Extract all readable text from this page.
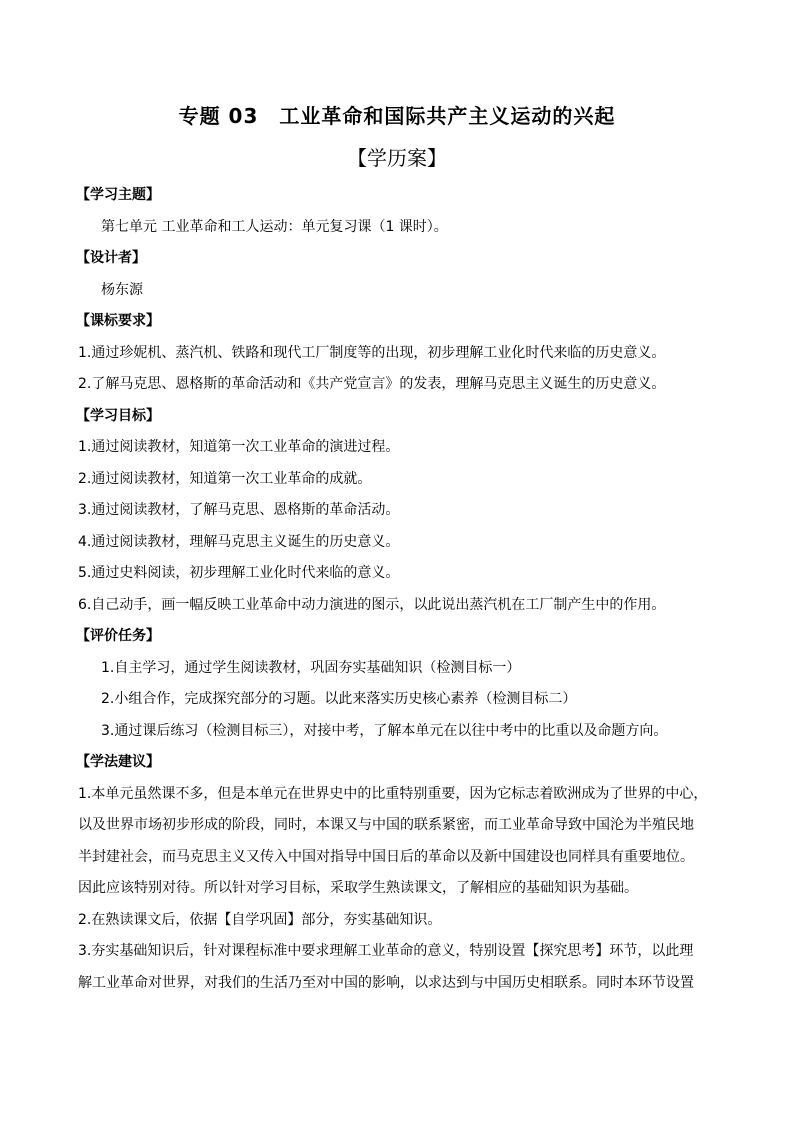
专题 03　工业革命和国际共产主义运动的兴起
【学历案】
【学习主题】
第七单元 工业革命和工人运动：单元复习课（1 课时）。
【设计者】
杨东源
【课标要求】
1.通过珍妮机、蒸汽机、铁路和现代工厂制度等的出现，初步理解工业化时代来临的历史意义。
2.了解马克思、恩格斯的革命活动和《共产党宣言》的发表，理解马克思主义诞生的历史意义。
【学习目标】
1.通过阅读教材，知道第一次工业革命的演进过程。
2.通过阅读教材，知道第一次工业革命的成就。
3.通过阅读教材，了解马克思、恩格斯的革命活动。
4.通过阅读教材，理解马克思主义诞生的历史意义。
5.通过史料阅读，初步理解工业化时代来临的意义。
6.自己动手，画一幅反映工业革命中动力演进的图示，以此说出蒸汽机在工厂制产生中的作用。
【评价任务】
1.自主学习，通过学生阅读教材，巩固夯实基础知识（检测目标一）
2.小组合作，完成探究部分的习题。以此来落实历史核心素养（检测目标二）
3.通过课后练习（检测目标三），对接中考，了解本单元在以往中考中的比重以及命题方向。
【学法建议】
1.本单元虽然课不多，但是本单元在世界史中的比重特别重要，因为它标志着欧洲成为了世界的中心，
以及世界市场初步形成的阶段，同时，本课又与中国的联系紧密，而工业革命导致中国沦为半殖民地
半封建社会，而马克思主义又传入中国对指导中国日后的革命以及新中国建设也同样具有重要地位。
因此应该特别对待。所以针对学习目标，采取学生熟读课文，了解相应的基础知识为基础。
2.在熟读课文后，依据【自学巩固】部分，夯实基础知识。
3.夯实基础知识后，针对课程标准中要求理解工业革命的意义，特别设置【探究思考】环节，以此理
解工业革命对世界，对我们的生活乃至对中国的影响，以求达到与中国历史相联系。同时本环节设置
